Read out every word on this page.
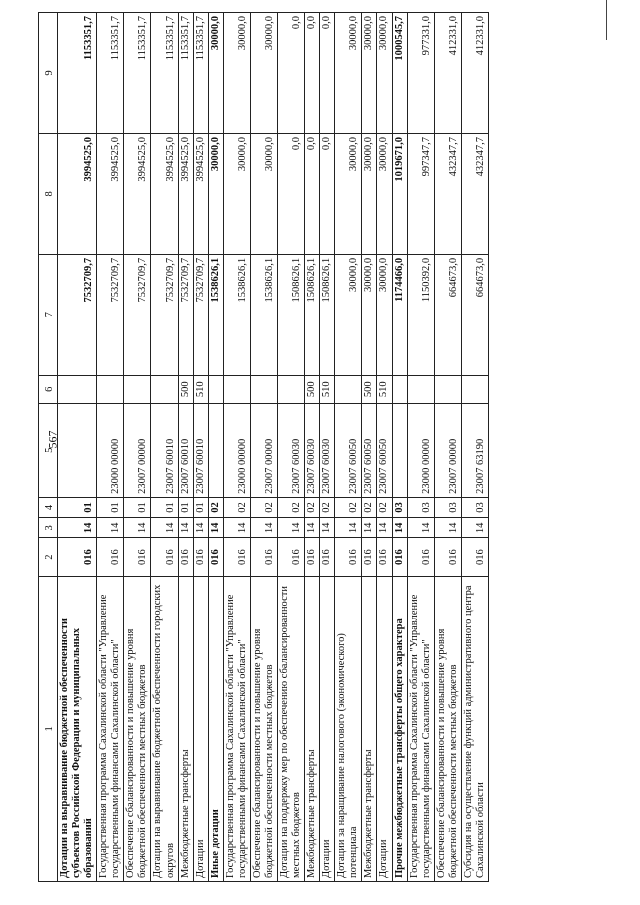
567
1	2	3	4	5	6	7	8	9
Дотации на выравнивание бюджетной обеспеченности субъектов Российской Федерации и муниципальных образований	016	14	01			7532709,7	3994525,0	1153351,7
Государственная программа Сахалинской области "Управление государственными финансами Сахалинской области"	016	14	01	23000 00000		7532709,7	3994525,0	1153351,7
Обеспечение сбалансированности и повышение уровня бюджетной обеспеченности местных бюджетов	016	14	01	23007 00000		7532709,7	3994525,0	1153351,7
Дотации на выравнивание бюджетной обеспеченности городских округов	016	14	01	23007 60010		7532709,7	3994525,0	1153351,7
Межбюджетные трансферты	016	14	01	23007 60010	500	7532709,7	3994525,0	1153351,7
Дотации	016	14	01	23007 60010	510	7532709,7	3994525,0	1153351,7
Иные дотации	016	14	02			1538626,1	30000,0	30000,0
Государственная программа Сахалинской области "Управление государственными финансами Сахалинской области"	016	14	02	23000 00000		1538626,1	30000,0	30000,0
Обеспечение сбалансированности и повышение уровня бюджетной обеспеченности местных бюджетов	016	14	02	23007 00000		1538626,1	30000,0	30000,0
Дотации на поддержку мер по обеспечению сбалансированности местных бюджетов	016	14	02	23007 60030		1508626,1	0,0	0,0
Межбюджетные трансферты	016	14	02	23007 60030	500	1508626,1	0,0	0,0
Дотации	016	14	02	23007 60030	510	1508626,1	0,0	0,0
Дотации за наращивание налогового (экономического) потенциала	016	14	02	23007 60050		30000,0	30000,0	30000,0
Межбюджетные трансферты	016	14	02	23007 60050	500	30000,0	30000,0	30000,0
Дотации	016	14	02	23007 60050	510	30000,0	30000,0	30000,0
Прочие межбюджетные трансферты общего характера	016	14	03			1174466,0	1019671,0	1000545,7
Государственная программа Сахалинской области "Управление государственными финансами Сахалинской области"	016	14	03	23000 00000		1150392,0	997347,7	977331,0
Обеспечение сбалансированности и повышение уровня бюджетной обеспеченности местных бюджетов	016	14	03	23007 00000		664673,0	432347,7	412331,0
Субсидия на осуществление функций административного центра Сахалинской области	016	14	03	23007 63190		664673,0	432347,7	412331,0
